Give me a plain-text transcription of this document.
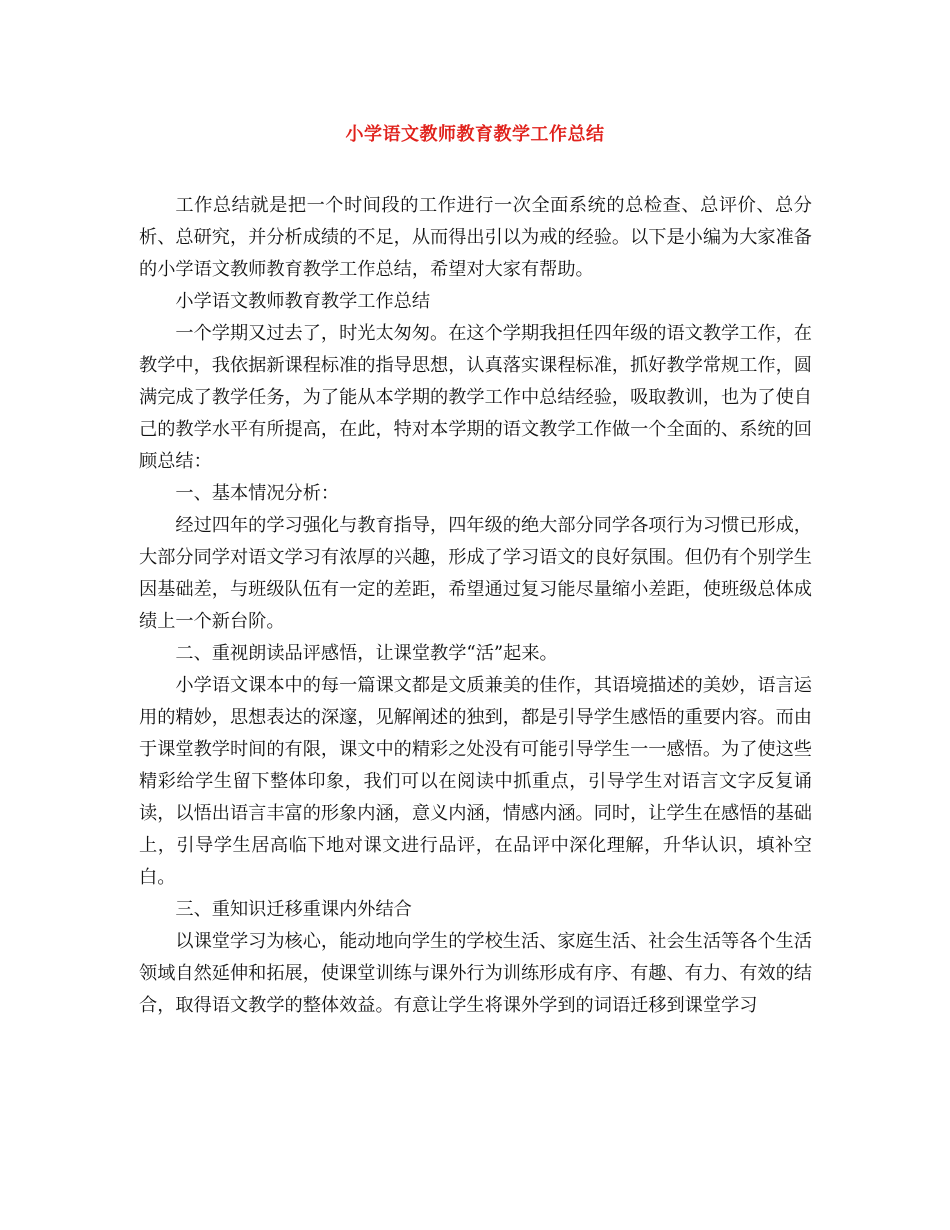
小学语文教师教育教学工作总结

工作总结就是把一个时间段的工作进行一次全面系统的总检查、总评价、总分析、总研究，并分析成绩的不足，从而得出引以为戒的经验。以下是小编为大家准备的小学语文教师教育教学工作总结，希望对大家有帮助。

小学语文教师教育教学工作总结

一个学期又过去了，时光太匆匆。在这个学期我担任四年级的语文教学工作，在教学中，我依据新课程标准的指导思想，认真落实课程标准，抓好教学常规工作，圆满完成了教学任务，为了能从本学期的教学工作中总结经验，吸取教训，也为了使自己的教学水平有所提高，在此，特对本学期的语文教学工作做一个全面的、系统的回顾总结：

一、基本情况分析：

经过四年的学习强化与教育指导，四年级的绝大部分同学各项行为习惯已形成，大部分同学对语文学习有浓厚的兴趣，形成了学习语文的良好氛围。但仍有个别学生因基础差，与班级队伍有一定的差距，希望通过复习能尽量缩小差距，使班级总体成绩上一个新台阶。

二、重视朗读品评感悟，让课堂教学“活”起来。

小学语文课本中的每一篇课文都是文质兼美的佳作，其语境描述的美妙，语言运用的精妙，思想表达的深邃，见解阐述的独到，都是引导学生感悟的重要内容。而由于课堂教学时间的有限，课文中的精彩之处没有可能引导学生一一感悟。为了使这些精彩给学生留下整体印象，我们可以在阅读中抓重点，引导学生对语言文字反复诵读，以悟出语言丰富的形象内涵，意义内涵，情感内涵。同时，让学生在感悟的基础上，引导学生居高临下地对课文进行品评，在品评中深化理解，升华认识，填补空白。

三、重知识迁移重课内外结合

以课堂学习为核心，能动地向学生的学校生活、家庭生活、社会生活等各个生活领域自然延伸和拓展，使课堂训练与课外行为训练形成有序、有趣、有力、有效的结合，取得语文教学的整体效益。有意让学生将课外学到的词语迁移到课堂学习
